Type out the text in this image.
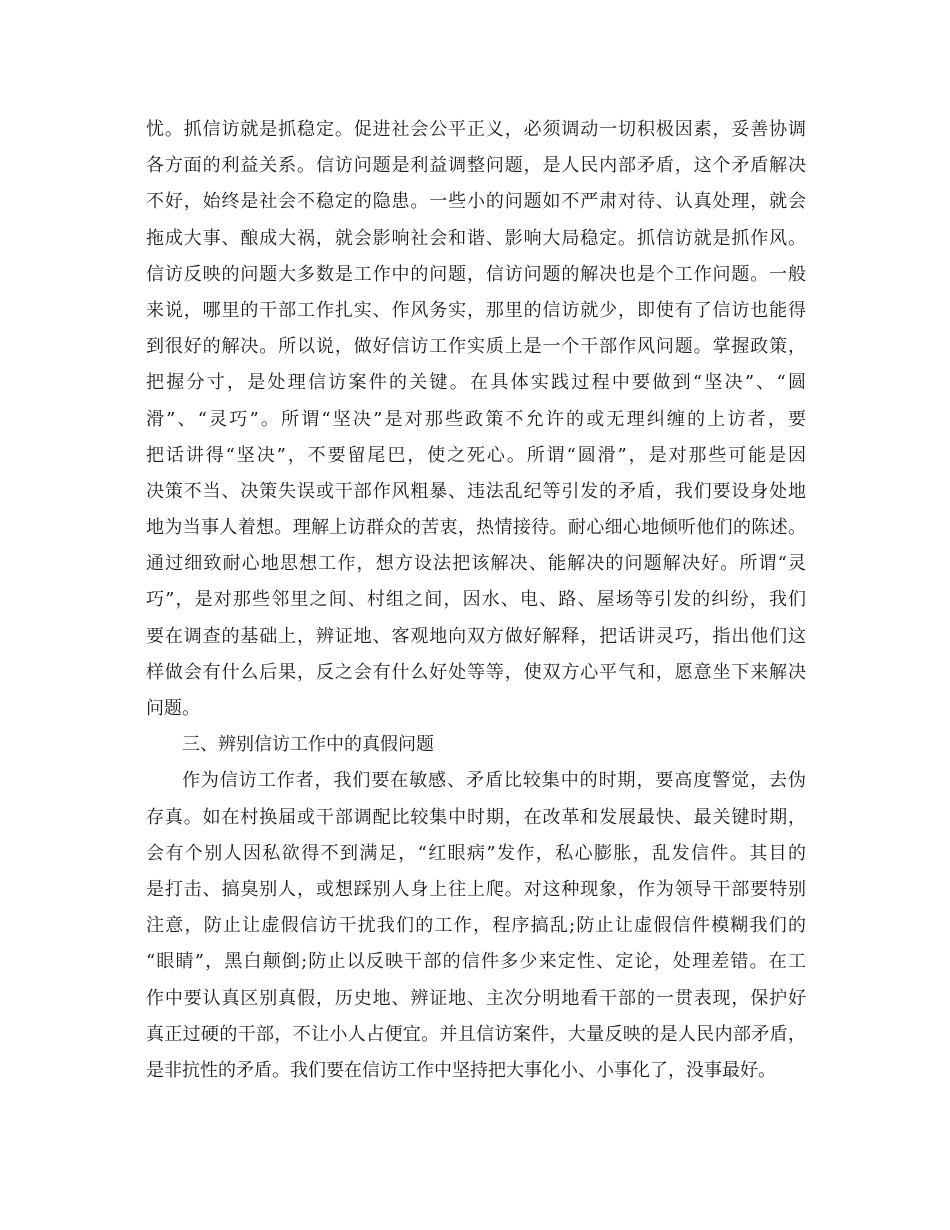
忧。抓信访就是抓稳定。促进社会公平正义，必须调动一切积极因素，妥善协调
各方面的利益关系。信访问题是利益调整问题，是人民内部矛盾，这个矛盾解决
不好，始终是社会不稳定的隐患。一些小的问题如不严肃对待、认真处理，就会
拖成大事、酿成大祸，就会影响社会和谐、影响大局稳定。抓信访就是抓作风。
信访反映的问题大多数是工作中的问题，信访问题的解决也是个工作问题。一般
来说，哪里的干部工作扎实、作风务实，那里的信访就少，即使有了信访也能得
到很好的解决。所以说，做好信访工作实质上是一个干部作风问题。掌握政策，
把握分寸，是处理信访案件的关键。在具体实践过程中要做到“坚决”、“圆
滑”、“灵巧”。所谓“坚决”是对那些政策不允许的或无理纠缠的上访者，要
把话讲得“坚决”，不要留尾巴，使之死心。所谓“圆滑”，是对那些可能是因
决策不当、决策失误或干部作风粗暴、违法乱纪等引发的矛盾，我们要设身处地
地为当事人着想。理解上访群众的苦衷，热情接待。耐心细心地倾听他们的陈述。
通过细致耐心地思想工作，想方设法把该解决、能解决的问题解决好。所谓“灵
巧”，是对那些邻里之间、村组之间，因水、电、路、屋场等引发的纠纷，我们
要在调查的基础上，辨证地、客观地向双方做好解释，把话讲灵巧，指出他们这
样做会有什么后果，反之会有什么好处等等，使双方心平气和，愿意坐下来解决
问题。
三、辨别信访工作中的真假问题
作为信访工作者，我们要在敏感、矛盾比较集中的时期，要高度警觉，去伪
存真。如在村换届或干部调配比较集中时期，在改革和发展最快、最关键时期，
会有个别人因私欲得不到满足，“红眼病”发作，私心膨胀，乱发信件。其目的
是打击、搞臭别人，或想踩别人身上往上爬。对这种现象，作为领导干部要特别
注意，防止让虚假信访干扰我们的工作，程序搞乱;防止让虚假信件模糊我们的
“眼睛”，黑白颠倒;防止以反映干部的信件多少来定性、定论，处理差错。在工
作中要认真区别真假，历史地、辨证地、主次分明地看干部的一贯表现，保护好
真正过硬的干部，不让小人占便宜。并且信访案件，大量反映的是人民内部矛盾，
是非抗性的矛盾。我们要在信访工作中坚持把大事化小、小事化了，没事最好。
